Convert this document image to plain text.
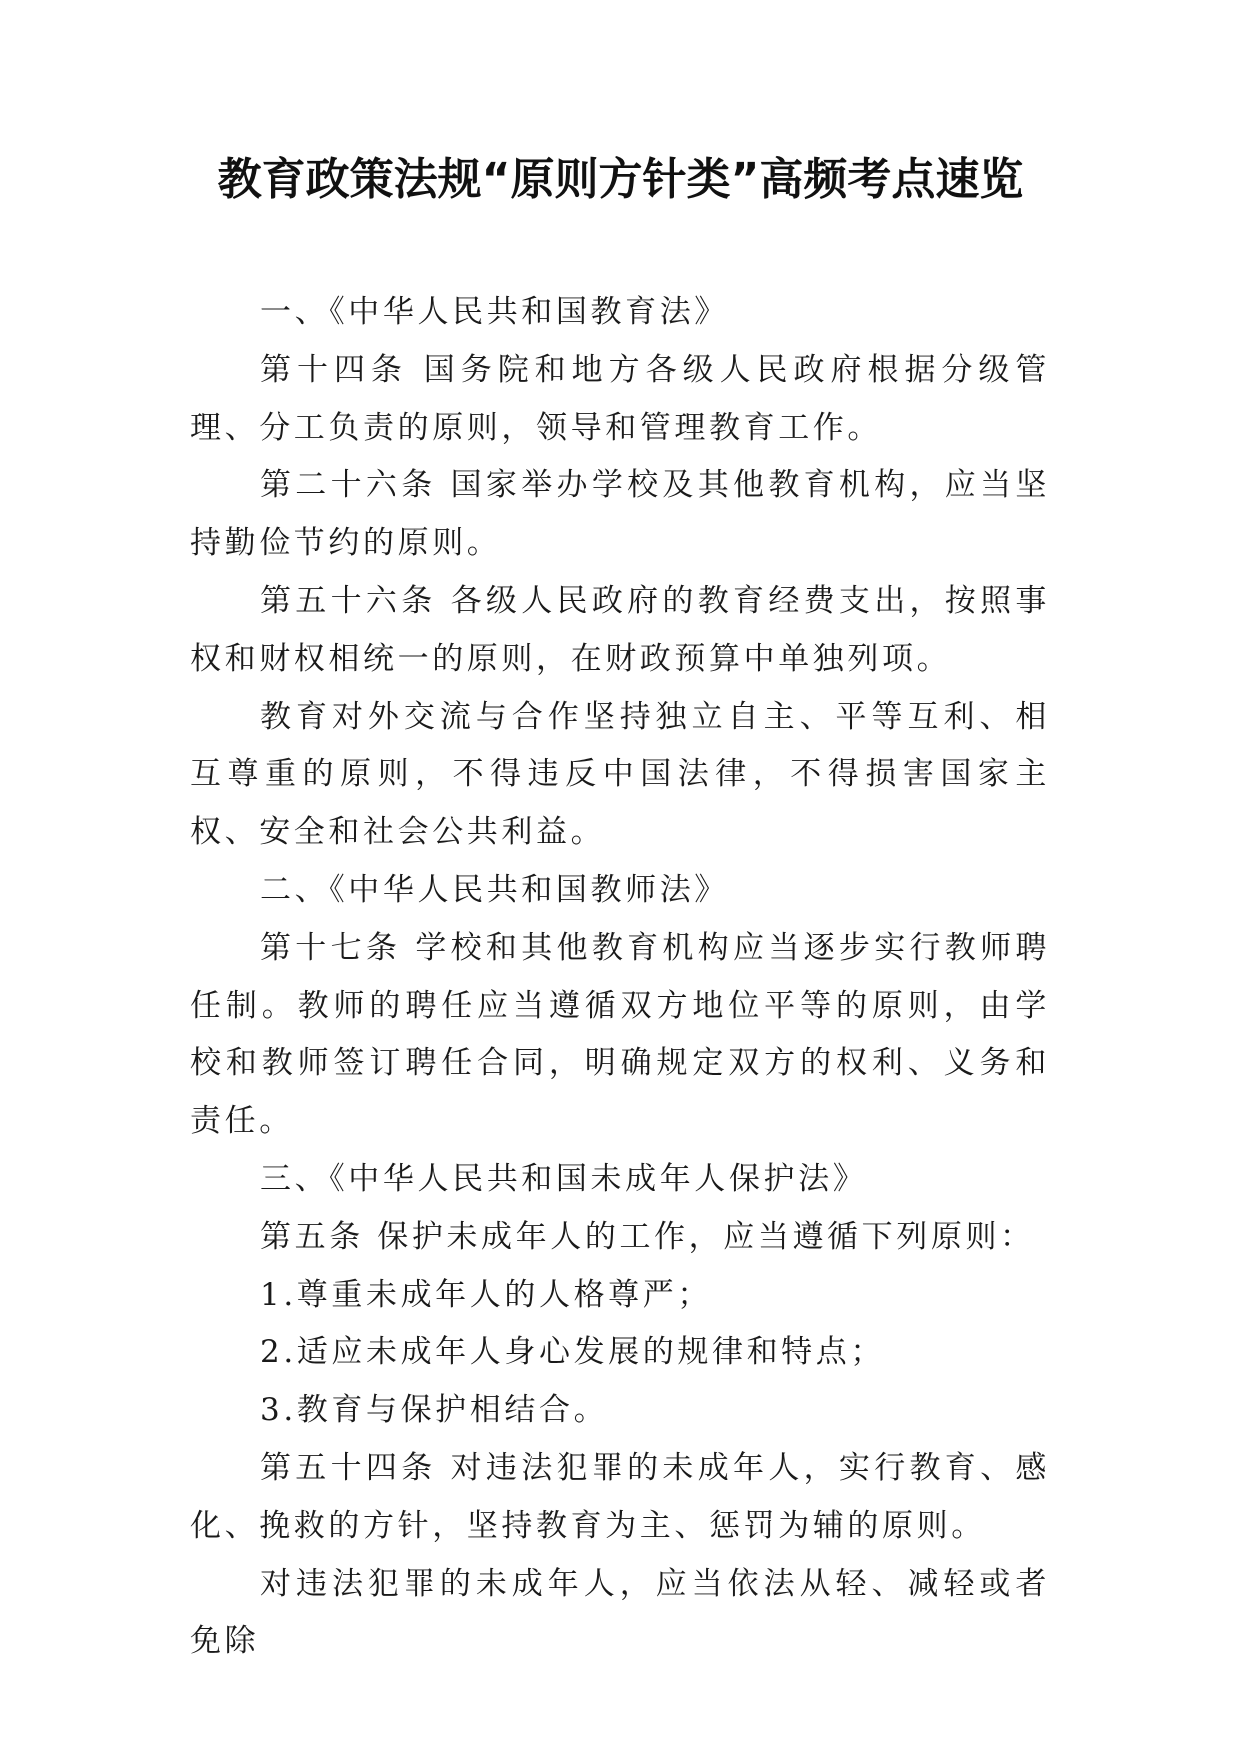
教育政策法规“原则方针类”高频考点速览

一、《中华人民共和国教育法》

第十四条 国务院和地方各级人民政府根据分级管理、分工负责的原则，领导和管理教育工作。

第二十六条 国家举办学校及其他教育机构，应当坚持勤俭节约的原则。

第五十六条 各级人民政府的教育经费支出，按照事权和财权相统一的原则，在财政预算中单独列项。

教育对外交流与合作坚持独立自主、平等互利、相互尊重的原则，不得违反中国法律，不得损害国家主权、安全和社会公共利益。

二、《中华人民共和国教师法》

第十七条 学校和其他教育机构应当逐步实行教师聘任制。教师的聘任应当遵循双方地位平等的原则，由学校和教师签订聘任合同，明确规定双方的权利、义务和责任。

三、《中华人民共和国未成年人保护法》

第五条 保护未成年人的工作，应当遵循下列原则：

1.尊重未成年人的人格尊严；

2.适应未成年人身心发展的规律和特点；

3.教育与保护相结合。

第五十四条 对违法犯罪的未成年人，实行教育、感化、挽救的方针，坚持教育为主、惩罚为辅的原则。

对违法犯罪的未成年人，应当依法从轻、减轻或者免除
